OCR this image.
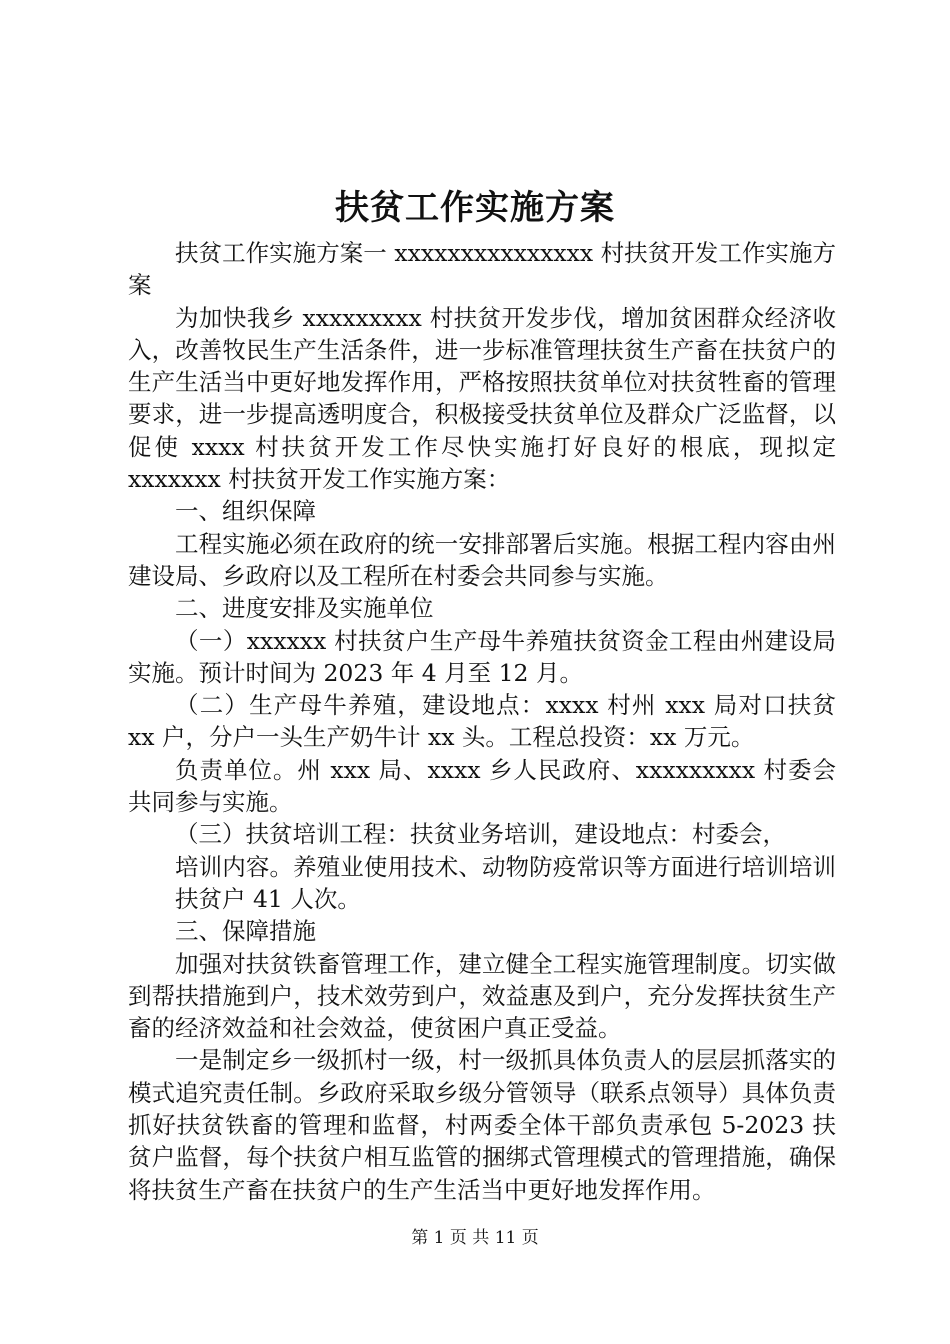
扶贫工作实施方案

扶贫工作实施方案一 xxxxxxxxxxxxxxx 村扶贫开发工作实施方案

为加快我乡 xxxxxxxxx 村扶贫开发步伐，增加贫困群众经济收入，改善牧民生产生活条件，进一步标准管理扶贫生产畜在扶贫户的生产生活当中更好地发挥作用，严格按照扶贫单位对扶贫牲畜的管理要求，进一步提高透明度合，积极接受扶贫单位及群众广泛监督，以促使 xxxx 村扶贫开发工作尽快实施打好良好的根底，现拟定 xxxxxxx 村扶贫开发工作实施方案：

一、组织保障

工程实施必须在政府的统一安排部署后实施。根据工程内容由州建设局、乡政府以及工程所在村委会共同参与实施。

二、进度安排及实施单位

（一）xxxxxx 村扶贫户生产母牛养殖扶贫资金工程由州建设局实施。预计时间为 2023 年 4 月至 12 月。

（二）生产母牛养殖，建设地点：xxxx 村州 xxx 局对口扶贫 xx 户，分户一头生产奶牛计 xx 头。工程总投资：xx 万元。

负责单位。州 xxx 局、xxxx 乡人民政府、xxxxxxxxx 村委会共同参与实施。

（三）扶贫培训工程：扶贫业务培训，建设地点：村委会，

培训内容。养殖业使用技术、动物防疫常识等方面进行培训培训扶贫户 41 人次。

三、保障措施

加强对扶贫铁畜管理工作，建立健全工程实施管理制度。切实做到帮扶措施到户，技术效劳到户，效益惠及到户，充分发挥扶贫生产畜的经济效益和社会效益，使贫困户真正受益。

一是制定乡一级抓村一级，村一级抓具体负责人的层层抓落实的模式追究责任制。乡政府采取乡级分管领导（联系点领导）具体负责抓好扶贫铁畜的管理和监督，村两委全体干部负责承包 5-2023 扶贫户监督，每个扶贫户相互监管的捆绑式管理模式的管理措施，确保将扶贫生产畜在扶贫户的生产生活当中更好地发挥作用。

第 1 页 共 11 页
